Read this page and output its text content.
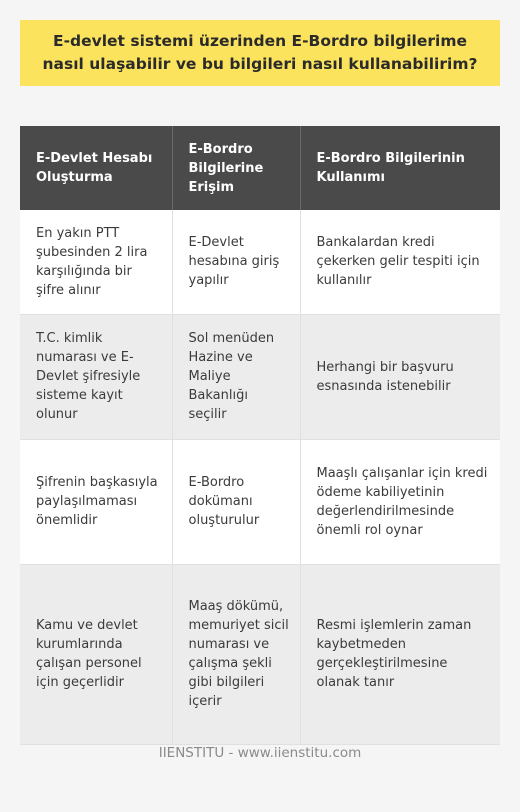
E-devlet sistemi üzerinden E-Bordro bilgilerime nasıl ulaşabilir ve bu bilgileri nasıl kullanabilirim?
E-Devlet Hesabı Oluşturma	E-Bordro Bilgilerine Erişim	E-Bordro Bilgilerinin Kullanımı
En yakın PTT şubesinden 2 lira karşılığında bir şifre alınır	E-Devlet hesabına giriş yapılır	Bankalardan kredi çekerken gelir tespiti için kullanılır
T.C. kimlik numarası ve E-Devlet şifresiyle sisteme kayıt olunur	Sol menüden Hazine ve Maliye Bakanlığı seçilir	Herhangi bir başvuru esnasında istenebilir
Şifrenin başkasıyla paylaşılmaması önemlidir	E-Bordro dokümanı oluşturulur	Maaşlı çalışanlar için kredi ödeme kabiliyetinin değerlendirilmesinde önemli rol oynar
Kamu ve devlet kurumlarında çalışan personel için geçerlidir	Maaş dökümü, memuriyet sicil numarası ve çalışma şekli gibi bilgileri içerir	Resmi işlemlerin zaman kaybetmeden gerçekleştirilmesine olanak tanır
IIENSTITU - www.iienstitu.com
